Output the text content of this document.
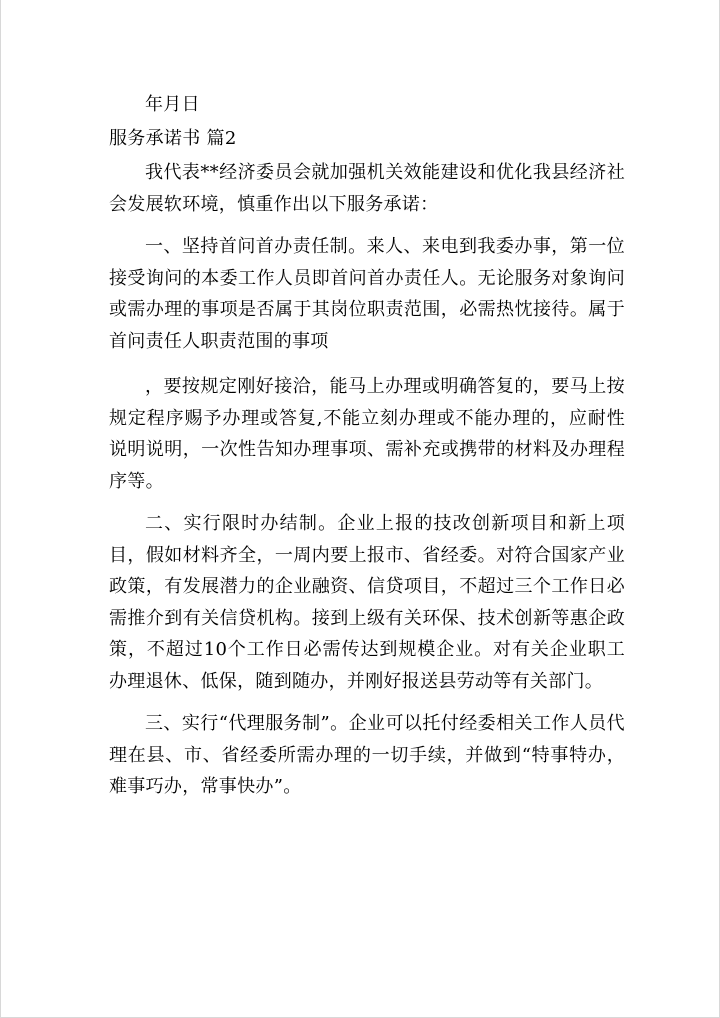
年月日

服务承诺书 篇2

我代表**经济委员会就加强机关效能建设和优化我县经济社会发展软环境，慎重作出以下服务承诺：

一、坚持首问首办责任制。来人、来电到我委办事，第一位接受询问的本委工作人员即首问首办责任人。无论服务对象询问或需办理的事项是否属于其岗位职责范围，必需热忱接待。属于首问责任人职责范围的事项

，要按规定刚好接洽，能马上办理或明确答复的，要马上按规定程序赐予办理或答复,不能立刻办理或不能办理的，应耐性说明说明，一次性告知办理事项、需补充或携带的材料及办理程序等。

二、实行限时办结制。企业上报的技改创新项目和新上项目，假如材料齐全，一周内要上报市、省经委。对符合国家产业政策，有发展潜力的企业融资、信贷项目，不超过三个工作日必需推介到有关信贷机构。接到上级有关环保、技术创新等惠企政策，不超过10个工作日必需传达到规模企业。对有关企业职工办理退休、低保，随到随办，并刚好报送县劳动等有关部门。

三、实行“代理服务制”。企业可以托付经委相关工作人员代理在县、市、省经委所需办理的一切手续，并做到“特事特办，难事巧办，常事快办”。
